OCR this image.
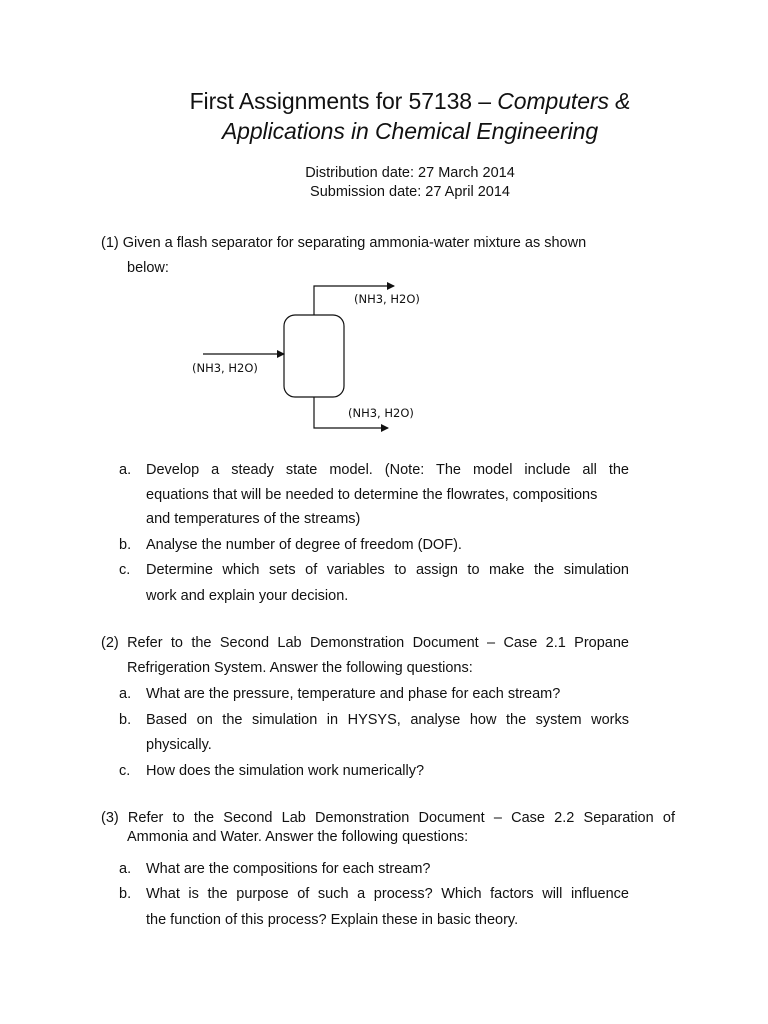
First Assignments for 57138 – Computers &
Applications in Chemical Engineering
Distribution date: 27 March 2014
Submission date: 27 April 2014
(1) Given a flash separator for separating ammonia-water mixture as shown
below:
(NH3, H2O)
(NH3, H2O)
(NH3, H2O)
a. Develop a steady state model. (Note: The model include all the
equations that will be needed to determine the flowrates, compositions
and temperatures of the streams)
b. Analyse the number of degree of freedom (DOF).
c. Determine which sets of variables to assign to make the simulation
work and explain your decision.
(2) Refer to the Second Lab Demonstration Document – Case 2.1 Propane
Refrigeration System. Answer the following questions:
a. What are the pressure, temperature and phase for each stream?
b. Based on the simulation in HYSYS, analyse how the system works
physically.
c. How does the simulation work numerically?
(3) Refer to the Second Lab Demonstration Document – Case 2.2 Separation of
Ammonia and Water. Answer the following questions:
a. What are the compositions for each stream?
b. What is the purpose of such a process? Which factors will influence
the function of this process? Explain these in basic theory.
